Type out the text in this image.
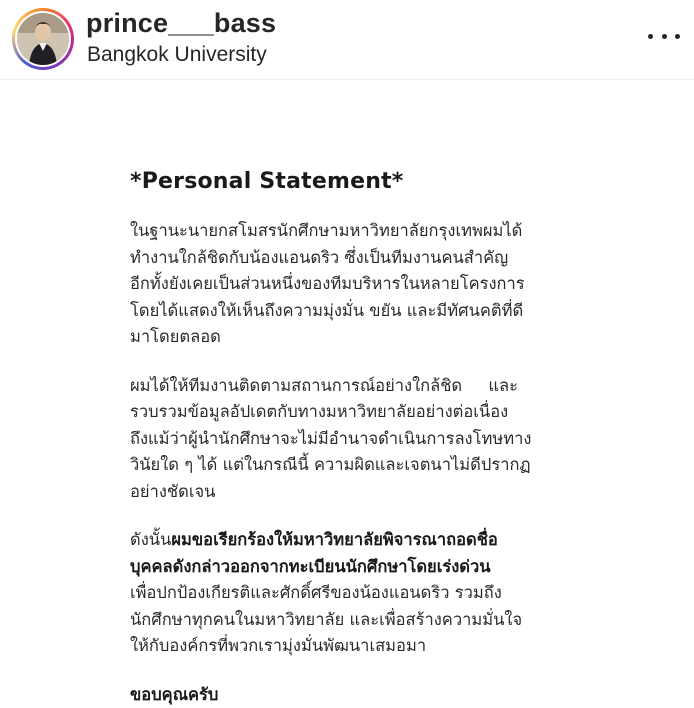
prince___bass
Bangkok University
*Personal Statement*
ในฐานะนายกสโมสรนักศึกษามหาวิทยาลัยกรุงเทพผมได้
ทำงานใกล้ชิดกับน้องแอนดริว ซึ่งเป็นทีมงานคนสำคัญ
อีกทั้งยังเคยเป็นส่วนหนึ่งของทีมบริหารในหลายโครงการ
โดยได้แสดงให้เห็นถึงความมุ่งมั่น ขยัน และมีทัศนคติที่ดี
มาโดยตลอด
ผมได้ให้ทีมงานติดตามสถานการณ์อย่างใกล้ชิด     และ
รวบรวมข้อมูลอัปเดตกับทางมหาวิทยาลัยอย่างต่อเนื่อง
ถึงแม้ว่าผู้นำนักศึกษาจะไม่มีอำนาจดำเนินการลงโทษทาง
วินัยใด ๆ ได้ แต่ในกรณีนี้ ความผิดและเจตนาไม่ดีปรากฏ
อย่างชัดเจน
ดังนั้นผมขอเรียกร้องให้มหาวิทยาลัยพิจารณาถอดชื่อ
บุคคลดังกล่าวออกจากทะเบียนนักศึกษาโดยเร่งด่วน
เพื่อปกป้องเกียรติและศักดิ์ศรีของน้องแอนดริว รวมถึง
นักศึกษาทุกคนในมหาวิทยาลัย และเพื่อสร้างความมั่นใจ
ให้กับองค์กรที่พวกเรามุ่งมั่นพัฒนาเสมอมา
ขอบคุณครับ
